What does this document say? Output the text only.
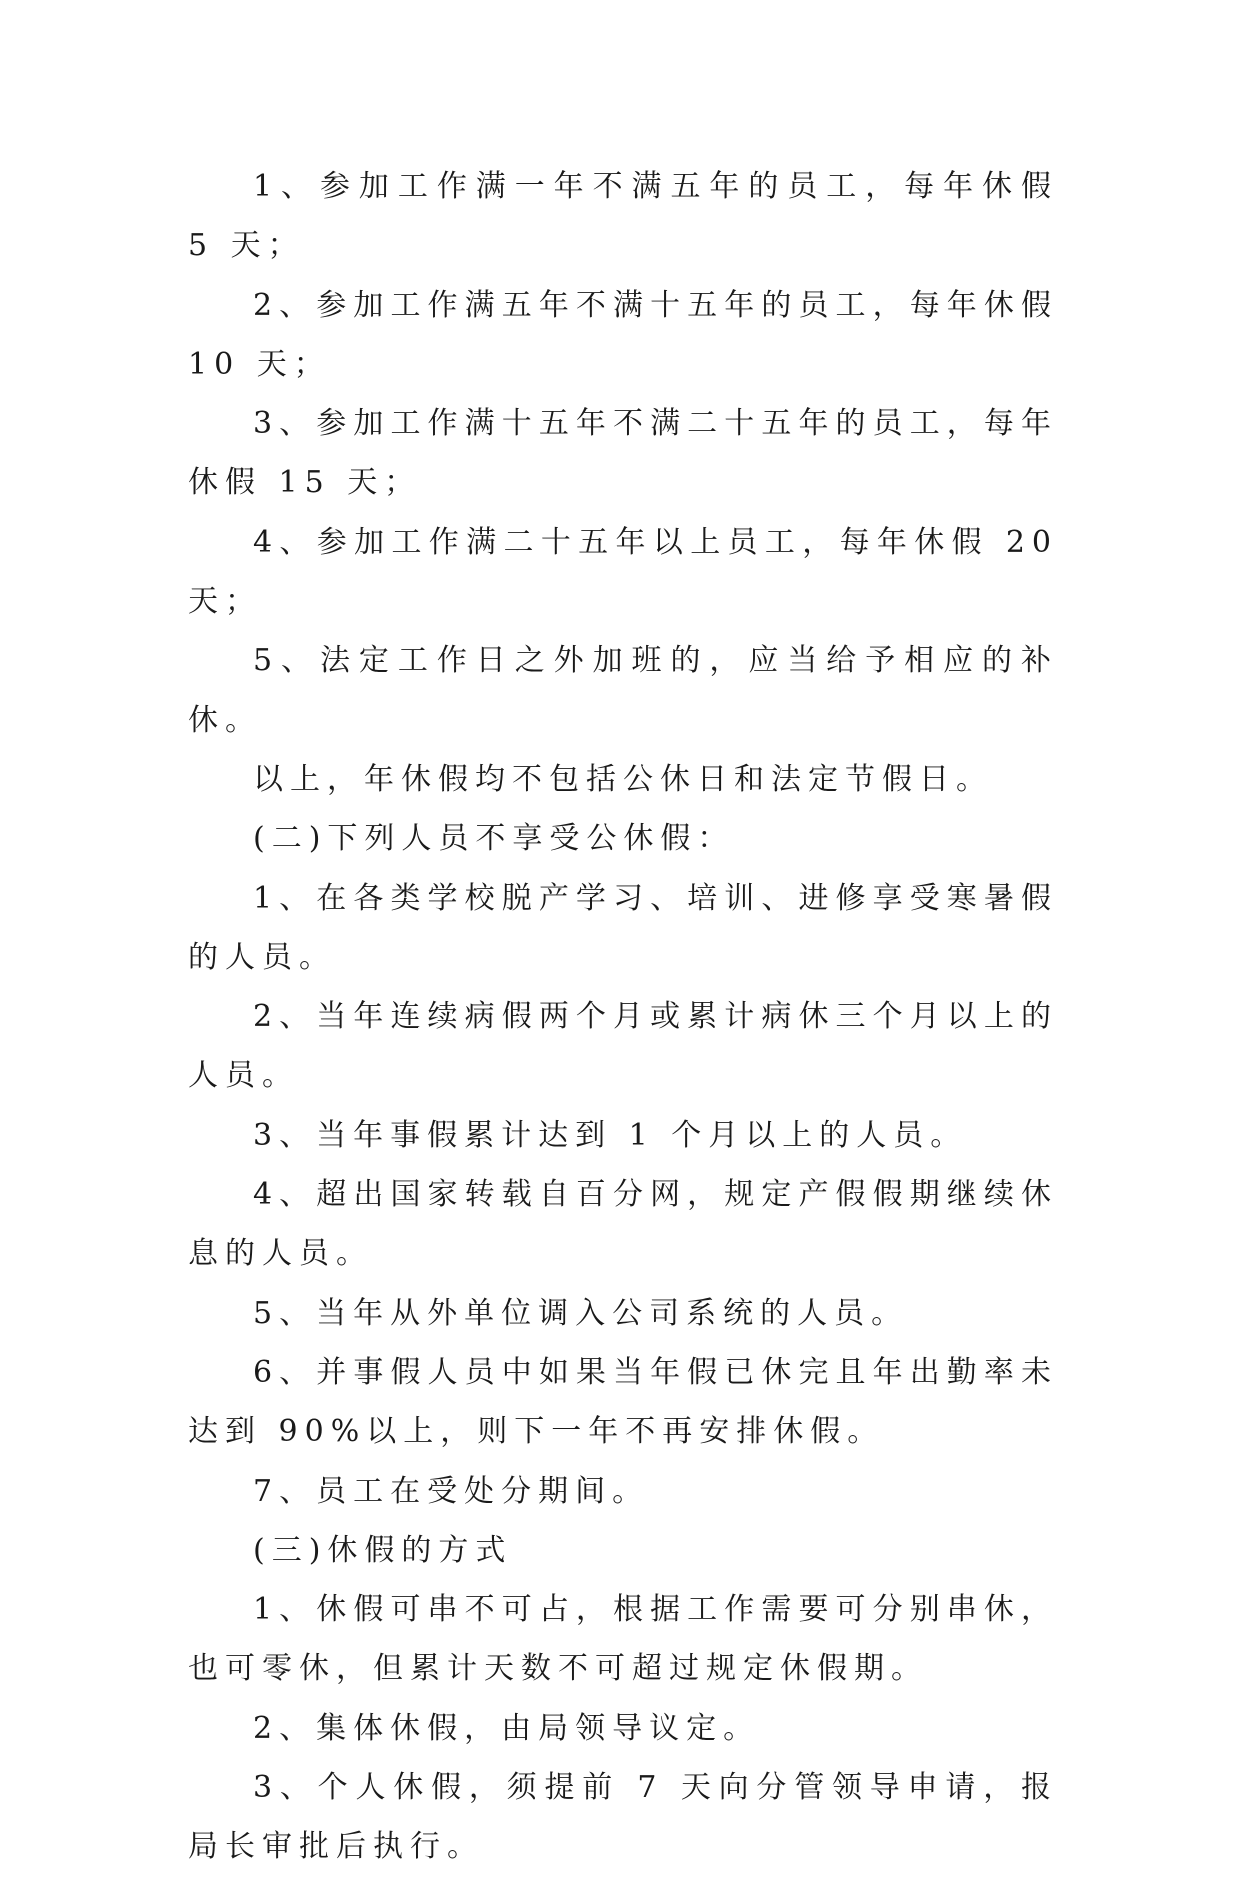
1、参加工作满一年不满五年的员工，每年休假 5 天；

2、参加工作满五年不满十五年的员工，每年休假 10 天；

3、参加工作满十五年不满二十五年的员工，每年休假 15 天；

4、参加工作满二十五年以上员工，每年休假 20 天；

5、法定工作日之外加班的，应当给予相应的补休。

以上，年休假均不包括公休日和法定节假日。

(二)下列人员不享受公休假：

1、在各类学校脱产学习、培训、进修享受寒暑假的人员。

2、当年连续病假两个月或累计病休三个月以上的人员。

3、当年事假累计达到 1 个月以上的人员。

4、超出国家转载自百分网，规定产假假期继续休息的人员。

5、当年从外单位调入公司系统的人员。

6、并事假人员中如果当年假已休完且年出勤率未达到 90%以上，则下一年不再安排休假。

7、员工在受处分期间。

(三)休假的方式

1、休假可串不可占，根据工作需要可分别串休，也可零休，但累计天数不可超过规定休假期。

2、集体休假，由局领导议定。

3、个人休假，须提前 7 天向分管领导申请，报局长审批后执行。
